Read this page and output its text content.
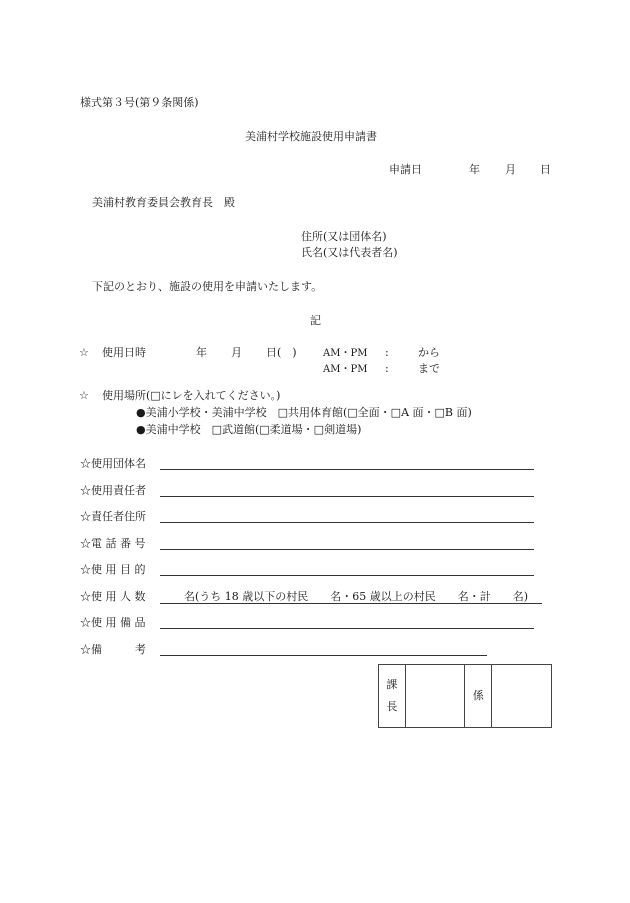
様式第３号(第９条関係)
美浦村学校施設使用申請書
申請日	年 月 日
美浦村教育委員会教育長　殿
住所(又は団体名)
氏名(又は代表者名)
下記のとおり、施設の使用を申請いたします。
記
☆ 使用日時	年 月 日(　)	AM・PM :	から
AM・PM :	まで
☆ 使用場所(□にレを入れてください。)
●美浦小学校・美浦中学校　□共用体育館(□全面・□A 面・□B 面)
●美浦中学校　□武道館(□柔道場・□剣道場)
☆使用団体名
☆使用責任者
☆責任者住所
☆電 話 番 号
☆使 用 目 的
☆使 用 人 数	名(うち 18 歳以下の村民　　名・65 歳以上の村民　　名・計　　名)
☆使 用 備 品
☆備　　　考
課
長

係
